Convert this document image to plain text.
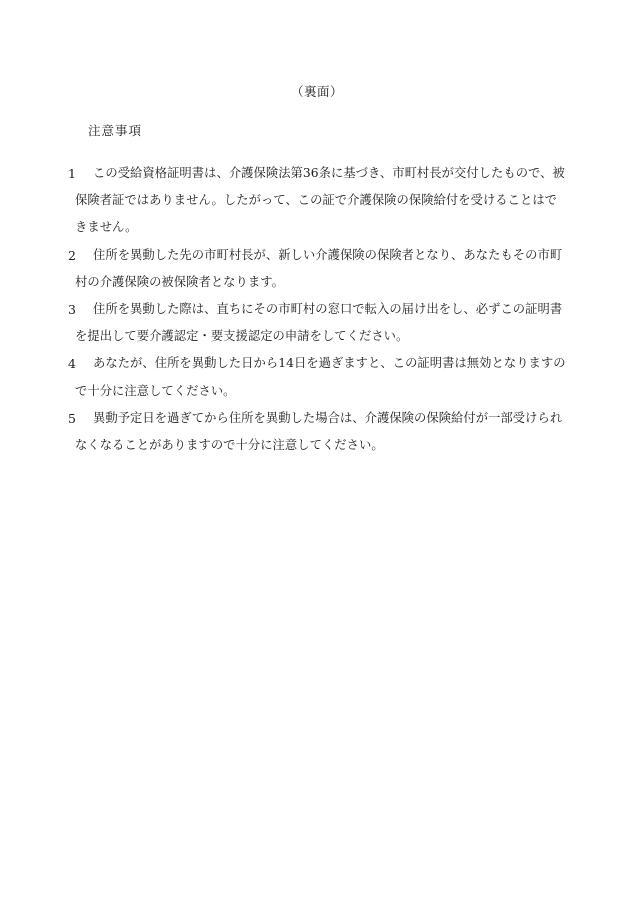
（裏面）
注意事項
1	この受給資格証明書は、介護保険法第36条に基づき、市町村長が交付したもので、被
保険者証ではありません。したがって、この証で介護保険の保険給付を受けることはで
きません。
2	住所を異動した先の市町村長が、新しい介護保険の保険者となり、あなたもその市町
村の介護保険の被保険者となります。
3	住所を異動した際は、直ちにその市町村の窓口で転入の届け出をし、必ずこの証明書
を提出して要介護認定・要支援認定の申請をしてください。
4	あなたが、住所を異動した日から14日を過ぎますと、この証明書は無効となりますの
で十分に注意してください。
5	異動予定日を過ぎてから住所を異動した場合は、介護保険の保険給付が一部受けられ
なくなることがありますので十分に注意してください。
